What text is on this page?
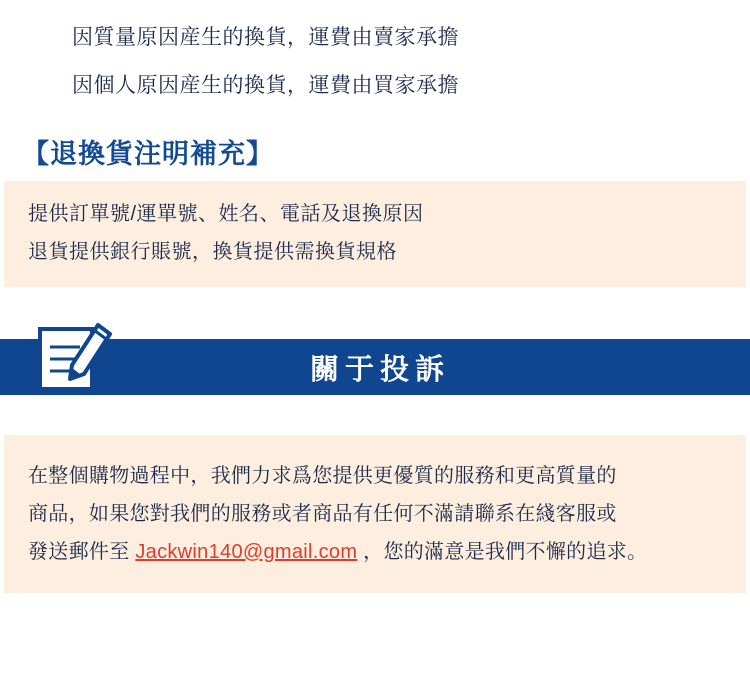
因質量原因産生的換貨，運費由賣家承擔
因個人原因産生的換貨，運費由買家承擔
【退換貨注明補充】
提供訂單號/運單號、姓名、電話及退換原因
退貨提供銀行賬號，換貨提供需換貨規格
關于投訴
在整個購物過程中，我們力求爲您提供更優質的服務和更高質量的
商品，如果您對我們的服務或者商品有任何不滿請聯系在綫客服或
發送郵件至 Jackwin140@gmail.com ，您的滿意是我們不懈的追求。
